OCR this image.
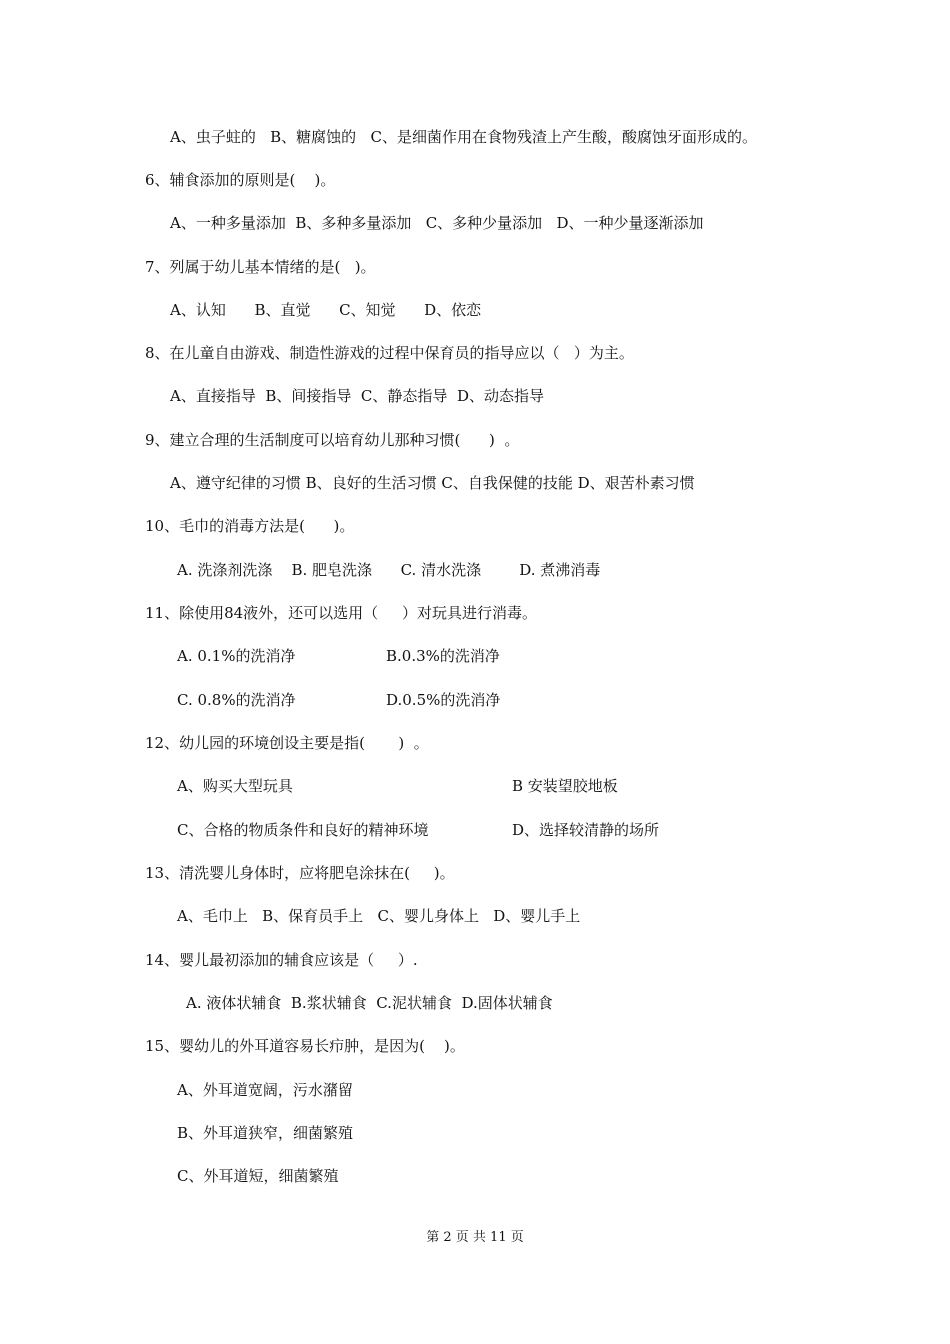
A、虫子蛀的   B、糖腐蚀的   C、是细菌作用在食物残渣上产生酸，酸腐蚀牙面形成的。
6、辅食添加的原则是(    )。
A、一种多量添加  B、多种多量添加   C、多种少量添加   D、一种少量逐渐添加
7、列属于幼儿基本情绪的是(   )。
A、认知      B、直觉      C、知觉      D、依恋
8、在儿童自由游戏、制造性游戏的过程中保育员的指导应以（   ）为主。
A、直接指导  B、间接指导  C、静态指导  D、动态指导
9、建立合理的生活制度可以培育幼儿那种习惯(      )  。
A、遵守纪律的习惯 B、良好的生活习惯 C、自我保健的技能 D、艰苦朴素习惯
10、毛巾的消毒方法是(      )。
A. 洗涤剂洗涤    B. 肥皂洗涤      C. 清水洗涤        D. 煮沸消毒
11、除使用84液外，还可以选用（     ）对玩具进行消毒。
A. 0.1%的洗消净	B.0.3%的洗消净
C. 0.8%的洗消净	D.0.5%的洗消净
12、幼儿园的环境创设主要是指(       )  。
A、购买大型玩具	B 安装望胶地板
C、合格的物质条件和良好的精神环境	D、选择较清静的场所
13、清洗婴儿身体时，应将肥皂涂抹在(     )。
A、毛巾上   B、保育员手上   C、婴儿身体上   D、婴儿手上
14、婴儿最初添加的辅食应该是（     ）.
A. 液体状辅食  B.浆状辅食  C.泥状辅食  D.固体状辅食
15、婴幼儿的外耳道容易长疖肿，是因为(    )。
A、外耳道宽阔，污水潴留
B、外耳道狭窄，细菌繁殖
C、外耳道短，细菌繁殖
第 2 页 共 11 页
